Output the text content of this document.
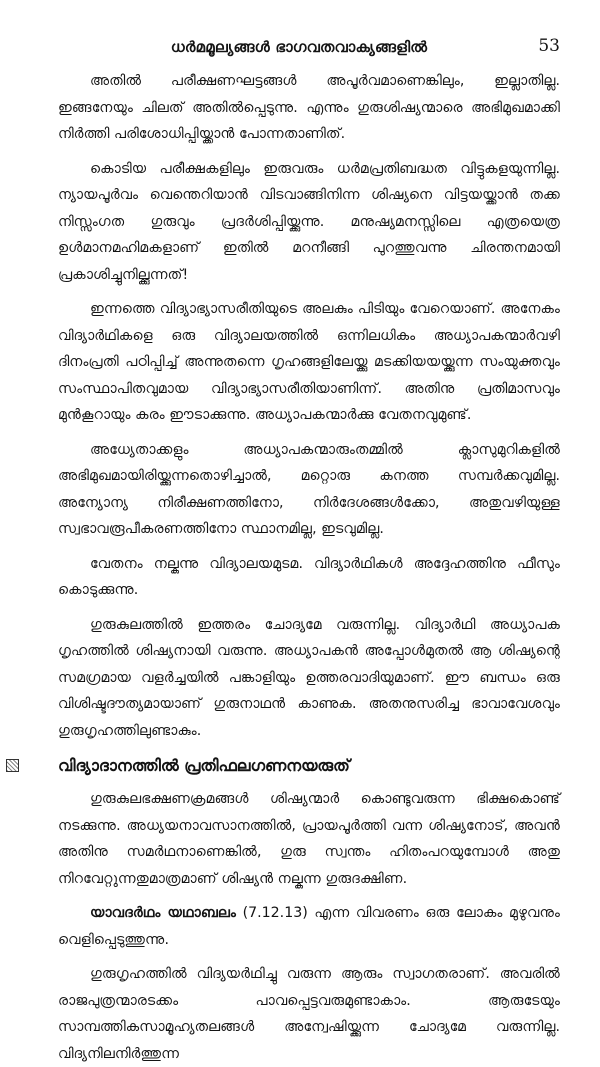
ധർമമൂല്യങ്ങൾ ഭാഗവതവാക്യങ്ങളിൽ	53

അതിൽ പരീക്ഷണഘട്ടങ്ങൾ അപൂർവമാണെങ്കിലും, ഇല്ലാതില്ല. ഇങ്ങനേയും ചിലത് അതിൽപ്പെടുന്നു. എന്നും ഗുരുശിഷ്യന്മാരെ അഭിമുഖമാക്കി നിർത്തി പരിശോധിപ്പിയ്ക്കാൻ പോന്നതാണിത്.

കൊടിയ പരീക്ഷകളിലും ഇരുവരും ധർമപ്രതിബദ്ധത വിട്ടുകളയുന്നില്ല. ന്യായപൂർവം വെന്തെറിയാൻ വിടവാങ്ങിനിന്ന ശിഷ്യനെ വിട്ടയയ്ക്കാൻ തക്ക നിസ്സംഗത ഗുരുവും പ്രദർശിപ്പിയ്ക്കുന്നു. മനുഷ്യമനസ്സിലെ എത്രയെത്ര ഉൾമാനമഹിമകളാണ് ഇതിൽ മറനീങ്ങി പുറത്തുവന്നു ചിരന്തനമായി പ്രകാശിച്ചുനില്ക്കുന്നത്!

ഇന്നത്തെ വിദ്യാഭ്യാസരീതിയുടെ അലകും പിടിയും വേറെയാണ്. അനേകം വിദ്യാർഥികളെ ഒരു വിദ്യാലയത്തിൽ ഒന്നിലധികം അധ്യാപകന്മാർവഴി ദിനംപ്രതി പഠിപ്പിച്ച് അന്നുതന്നെ ഗൃഹങ്ങളിലേയ്ക്കു മടക്കിയയയ്ക്കുന്ന സംയുക്തവും സംസ്ഥാപിതവുമായ വിദ്യാഭ്യാസരീതിയാണിന്ന്. അതിനു പ്രതിമാസവും മുൻകൂറായും കരം ഈടാക്കുന്നു. അധ്യാപകന്മാർക്കു വേതനവുമുണ്ട്.

അധ്യേതാക്കളും അധ്യാപകന്മാരുംതമ്മിൽ ക്ലാസുമുറികളിൽ അഭിമുഖമായിരിയ്ക്കുന്നതൊഴിച്ചാൽ, മറ്റൊരു കനത്ത സമ്പർക്കവുമില്ല. അന്യോന്യ നിരീക്ഷണത്തിനോ, നിർദേശങ്ങൾക്കോ, അതുവഴിയുള്ള സ്വഭാവരൂപീകരണത്തിനോ സ്ഥാനമില്ല, ഇടവുമില്ല.

വേതനം നല്കുന്നു വിദ്യാലയമുടമ. വിദ്യാർഥികൾ അദ്ദേഹത്തിനു ഫീസും കൊടുക്കുന്നു.

ഗുരുകുലത്തിൽ ഇത്തരം ചോദ്യമേ വരുന്നില്ല. വിദ്യാർഥി അധ്യാപക ഗൃഹത്തിൽ ശിഷ്യനായി വരുന്നു. അധ്യാപകൻ അപ്പോൾമുതൽ ആ ശിഷ്യന്റെ സമഗ്രമായ വളർച്ചയിൽ പങ്കാളിയും ഉത്തരവാദിയുമാണ്. ഈ ബന്ധം ഒരു വിശിഷ്ടദൗത്യമായാണ് ഗുരുനാഥൻ കാണുക. അതനുസരിച്ച ഭാവാവേശവും ഗുരുഗൃഹത്തിലുണ്ടാകും.

വിദ്യാദാനത്തിൽ പ്രതിഫലഗണനയരുത്

ഗുരുകുലഭക്ഷണക്രമങ്ങൾ ശിഷ്യന്മാർ കൊണ്ടുവരുന്ന ഭിക്ഷകൊണ്ട് നടക്കുന്നു. അധ്യയനാവസാനത്തിൽ, പ്രായപൂർത്തി വന്ന ശിഷ്യനോട്, അവൻ അതിനു സമർഥനാണെങ്കിൽ, ഗുരു സ്വന്തം ഹിതംപറയുമ്പോൾ അതു നിറവേറ്റുന്നതുമാത്രമാണ് ശിഷ്യൻ നല്കുന്ന ഗുരുദക്ഷിണ.

യാവദർഥം യഥാബലം (7.12.13) എന്ന വിവരണം ഒരു ലോകം മുഴുവനും വെളിപ്പെടുത്തുന്നു.

ഗുരുഗൃഹത്തിൽ വിദ്യയർഥിച്ചു വരുന്ന ആരും സ്വാഗതരാണ്. അവരിൽ രാജപുത്രന്മാരടക്കം പാവപ്പെട്ടവരുമുണ്ടാകാം. ആരുടേയും സാമ്പത്തികസാമൂഹ്യതലങ്ങൾ അന്വേഷിയ്ക്കുന്ന ചോദ്യമേ വരുന്നില്ല. വിദ്യനിലനിർത്തുന്ന
